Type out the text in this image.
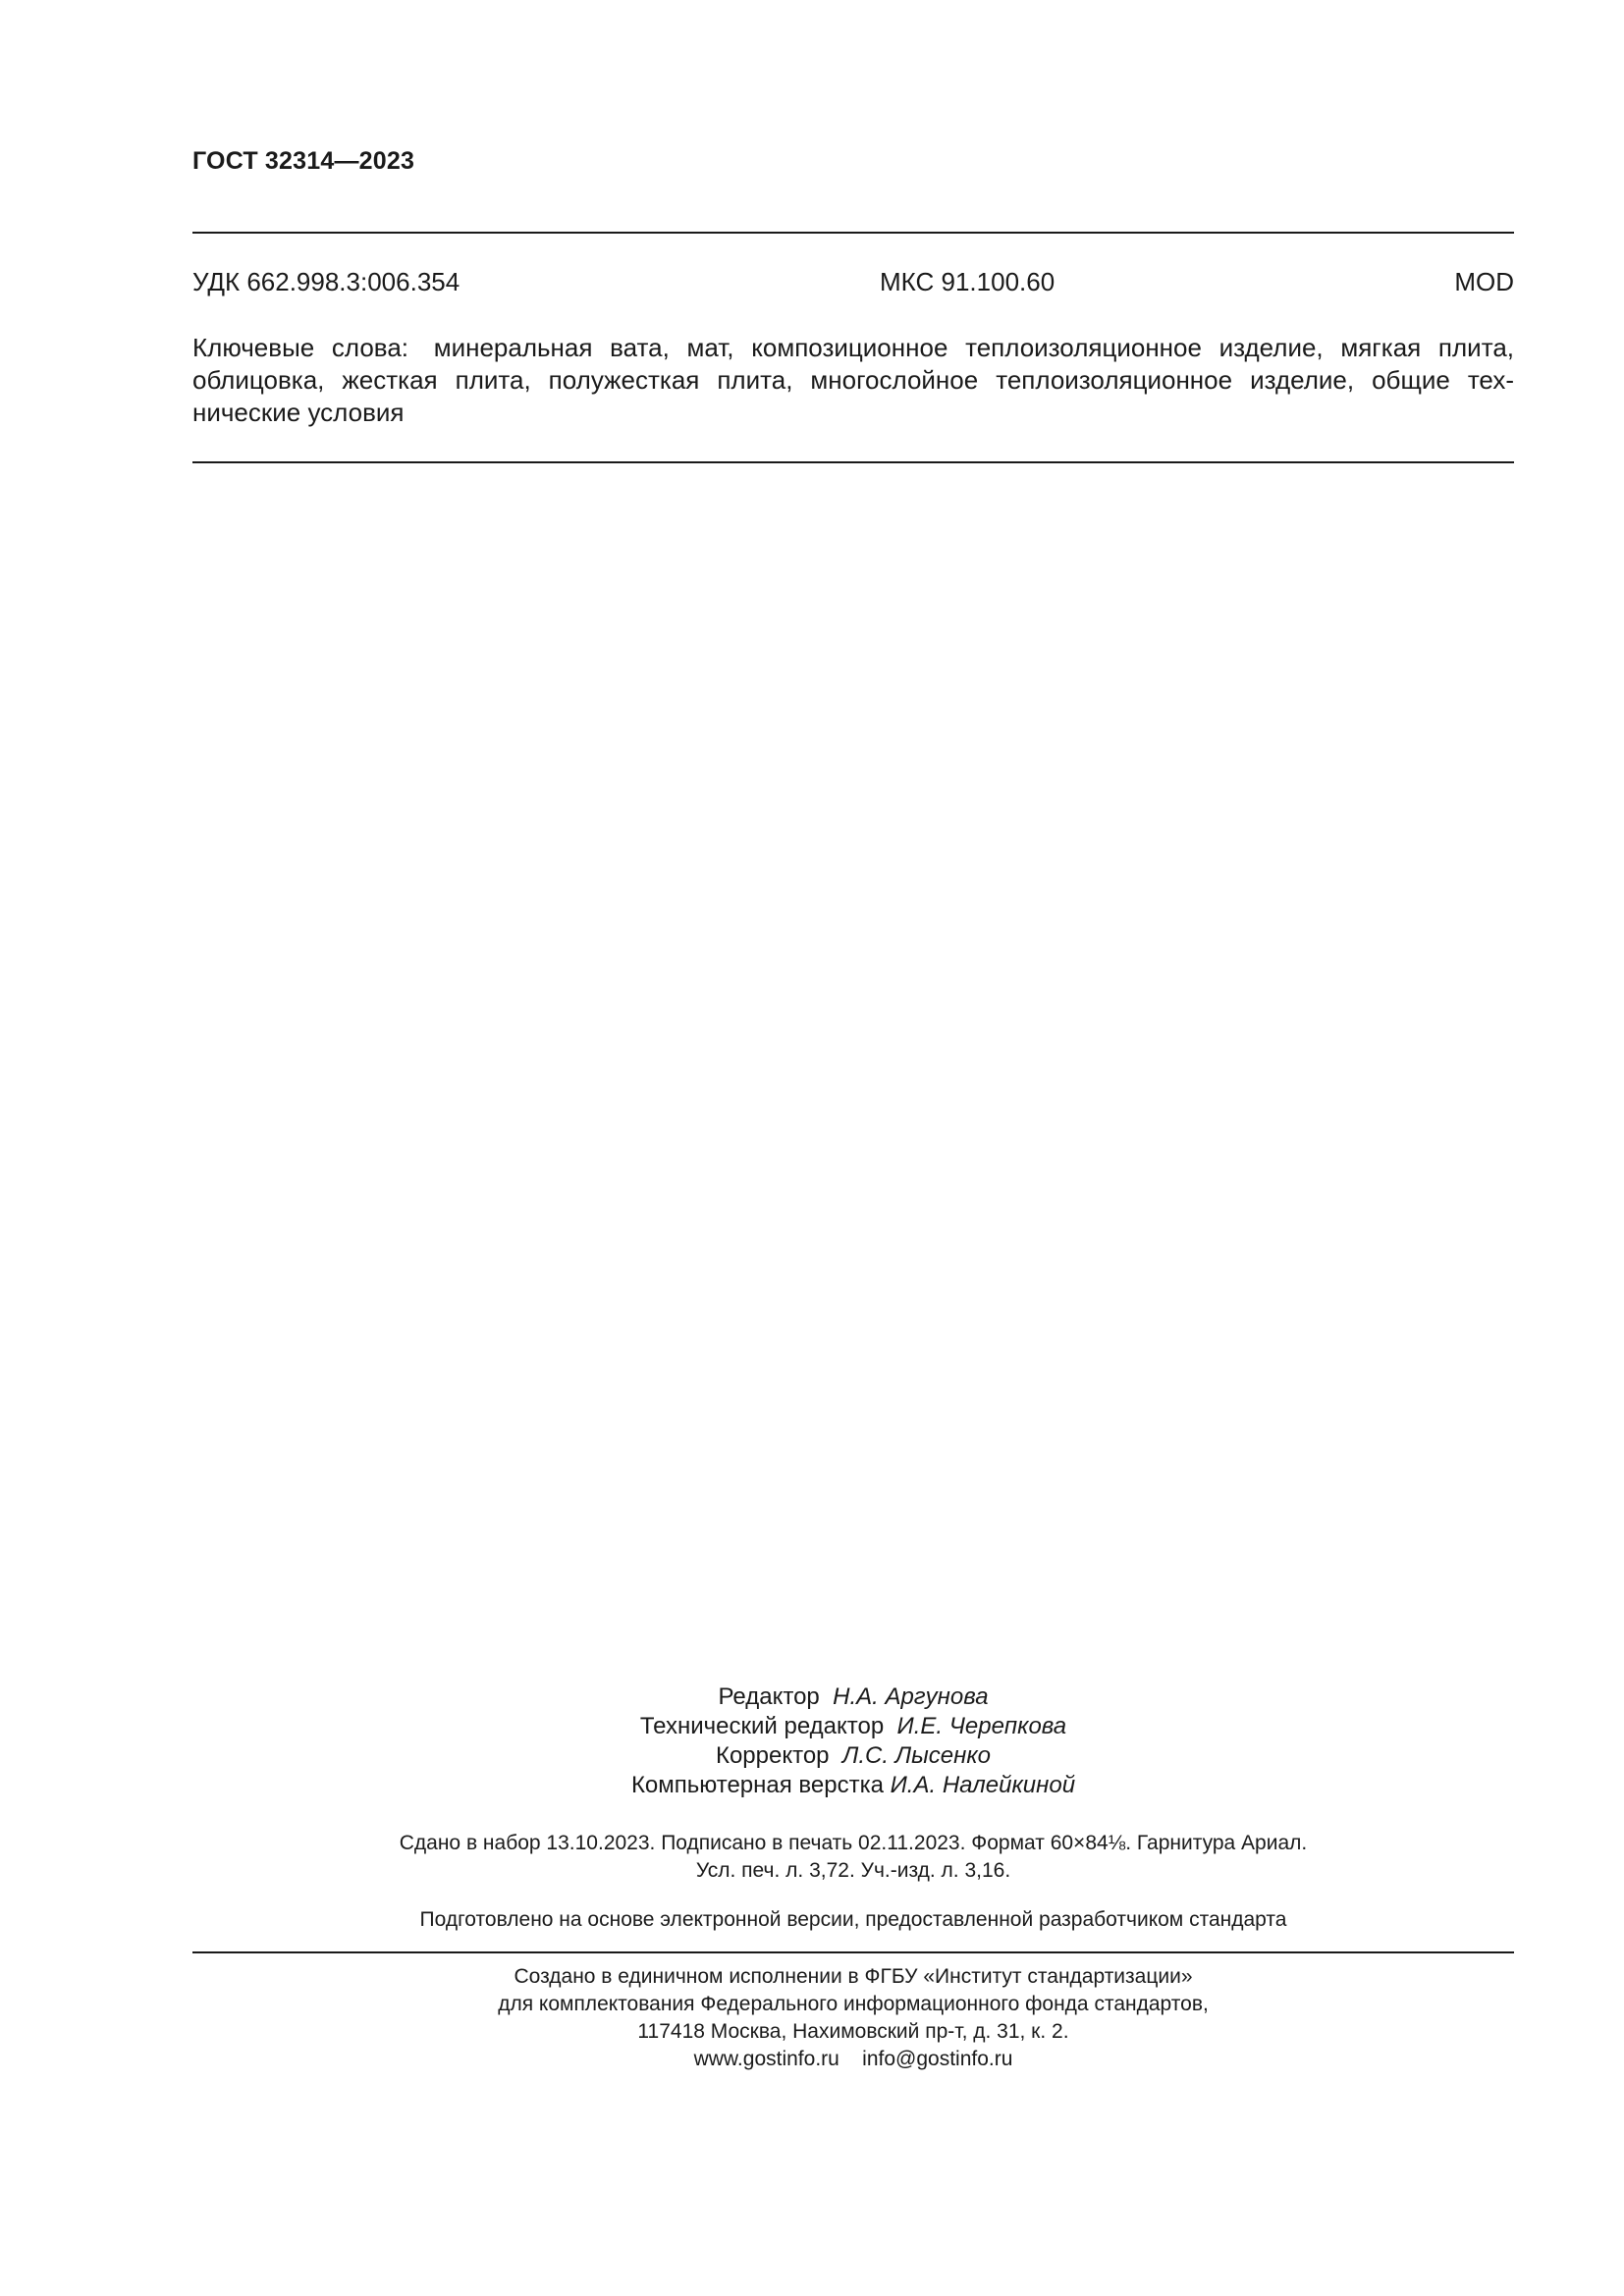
ГОСТ 32314—2023
УДК 662.998.3:006.354	МКС 91.100.60	MOD
Ключевые слова: минеральная вата, мат, композиционное теплоизоляционное изделие, мягкая плита, облицовка, жесткая плита, полужесткая плита, многослойное теплоизоляционное изделие, общие технические условия
Редактор Н.А. Аргунова
Технический редактор И.Е. Черепкова
Корректор Л.С. Лысенко
Компьютерная верстка И.А. Налейкиной
Сдано в набор 13.10.2023. Подписано в печать 02.11.2023. Формат 60×84⅛. Гарнитура Ариал.
Усл. печ. л. 3,72. Уч.-изд. л. 3,16.
Подготовлено на основе электронной версии, предоставленной разработчиком стандарта
Создано в единичном исполнении в ФГБУ «Институт стандартизации»
для комплектования Федерального информационного фонда стандартов,
117418 Москва, Нахимовский пр-т, д. 31, к. 2.
www.gostinfo.ru info@gostinfo.ru
